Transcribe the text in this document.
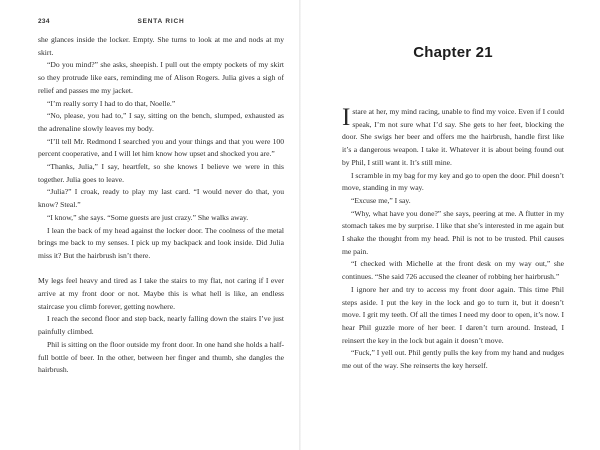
234	SENTA RICH

she glances inside the locker. Empty. She turns to look at me and nods at my skirt.

“Do you mind?” she asks, sheepish. I pull out the empty pockets of my skirt so they protrude like ears, reminding me of Alison Rogers. Julia gives a sigh of relief and passes me my jacket.

“I’m really sorry I had to do that, Noelle.”

“No, please, you had to,” I say, sitting on the bench, slumped, exhausted as the adrenaline slowly leaves my body.

“I’ll tell Mr. Redmond I searched you and your things and that you were 100 percent cooperative, and I will let him know how upset and shocked you are.”

“Thanks, Julia,” I say, heartfelt, so she knows I believe we were in this together. Julia goes to leave.

“Julia?” I croak, ready to play my last card. “I would never do that, you know? Steal.”

“I know,” she says. “Some guests are just crazy.” She walks away.

I lean the back of my head against the locker door. The coolness of the metal brings me back to my senses. I pick up my backpack and look inside. Did Julia miss it? But the hairbrush isn’t there.

My legs feel heavy and tired as I take the stairs to my flat, not caring if I ever arrive at my front door or not. Maybe this is what hell is like, an endless staircase you climb forever, getting nowhere.

I reach the second floor and step back, nearly falling down the stairs I’ve just painfully climbed.

Phil is sitting on the floor outside my front door. In one hand she holds a half-full bottle of beer. In the other, between her finger and thumb, she dangles the hairbrush.

Chapter 21

I stare at her, my mind racing, unable to find my voice. Even if I could speak, I’m not sure what I’d say. She gets to her feet, blocking the door. She swigs her beer and offers me the hairbrush, handle first like it’s a dangerous weapon. I take it. Whatever it is about being found out by Phil, I still want it. It’s still mine.

I scramble in my bag for my key and go to open the door. Phil doesn’t move, standing in my way.

“Excuse me,” I say.

“Why, what have you done?” she says, peering at me. A flutter in my stomach takes me by surprise. I like that she’s interested in me again but I shake the thought from my head. Phil is not to be trusted. Phil causes me pain.

“I checked with Michelle at the front desk on my way out,” she continues. “She said 726 accused the cleaner of robbing her hairbrush.”

I ignore her and try to access my front door again. This time Phil steps aside. I put the key in the lock and go to turn it, but it doesn’t move. I grit my teeth. Of all the times I need my door to open, it’s now. I hear Phil guzzle more of her beer. I daren’t turn around. Instead, I reinsert the key in the lock but again it doesn’t move.

“Fuck,” I yell out. Phil gently pulls the key from my hand and nudges me out of the way. She reinserts the key herself.
